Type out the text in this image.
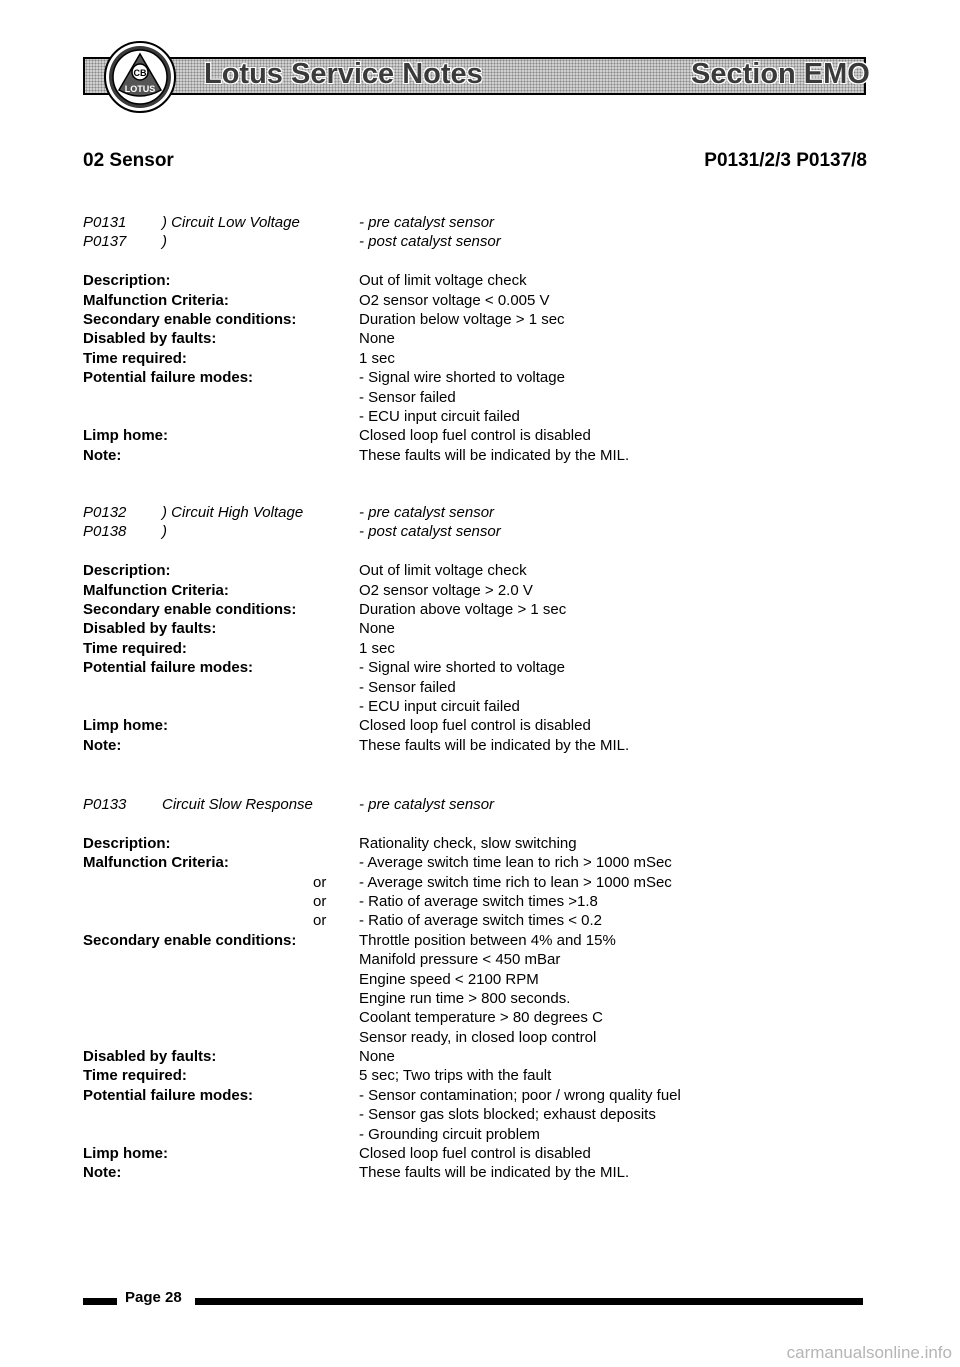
CB
LOTUS Lotus Service Notes	Section EMO
02 Sensor	P0131/2/3 P0137/8
P0131 ) Circuit Low Voltage	- pre catalyst sensor
P0137 )	- post catalyst sensor
Description:	Out of limit voltage check
Malfunction Criteria:	O2 sensor voltage < 0.005 V
Secondary enable conditions:	Duration below voltage > 1 sec
Disabled by faults:	None
Time required:	1 sec
Potential failure modes:	- Signal wire shorted to voltage
- Sensor failed
- ECU input circuit failed
Limp home:	Closed loop fuel control is disabled
Note:	These faults will be indicated by the MIL.
P0132 ) Circuit High Voltage	- pre catalyst sensor
P0138 )	- post catalyst sensor
Description:	Out of limit voltage check
Malfunction Criteria:	O2 sensor voltage > 2.0 V
Secondary enable conditions:	Duration above voltage > 1 sec
Disabled by faults:	None
Time required:	1 sec
Potential failure modes:	- Signal wire shorted to voltage
- Sensor failed
- ECU input circuit failed
Limp home:	Closed loop fuel control is disabled
Note:	These faults will be indicated by the MIL.
P0133 Circuit Slow Response	- pre catalyst sensor
Description:	Rationality check, slow switching
Malfunction Criteria:	- Average switch time lean to rich > 1000 mSec
or - Average switch time rich to lean > 1000 mSec
or - Ratio of average switch times >1.8
or - Ratio of average switch times < 0.2
Secondary enable conditions:	Throttle position between 4% and 15%
Manifold pressure < 450 mBar
Engine speed < 2100 RPM
Engine run time > 800 seconds.
Coolant temperature > 80 degrees C
Sensor ready, in closed loop control
Disabled by faults:	None
Time required:	5 sec; Two trips with the fault
Potential failure modes:	- Sensor contamination; poor / wrong quality fuel
- Sensor gas slots blocked; exhaust deposits
- Grounding circuit problem
Limp home:	Closed loop fuel control is disabled
Note:	These faults will be indicated by the MIL.
Page 28
carmanualsonline.info
